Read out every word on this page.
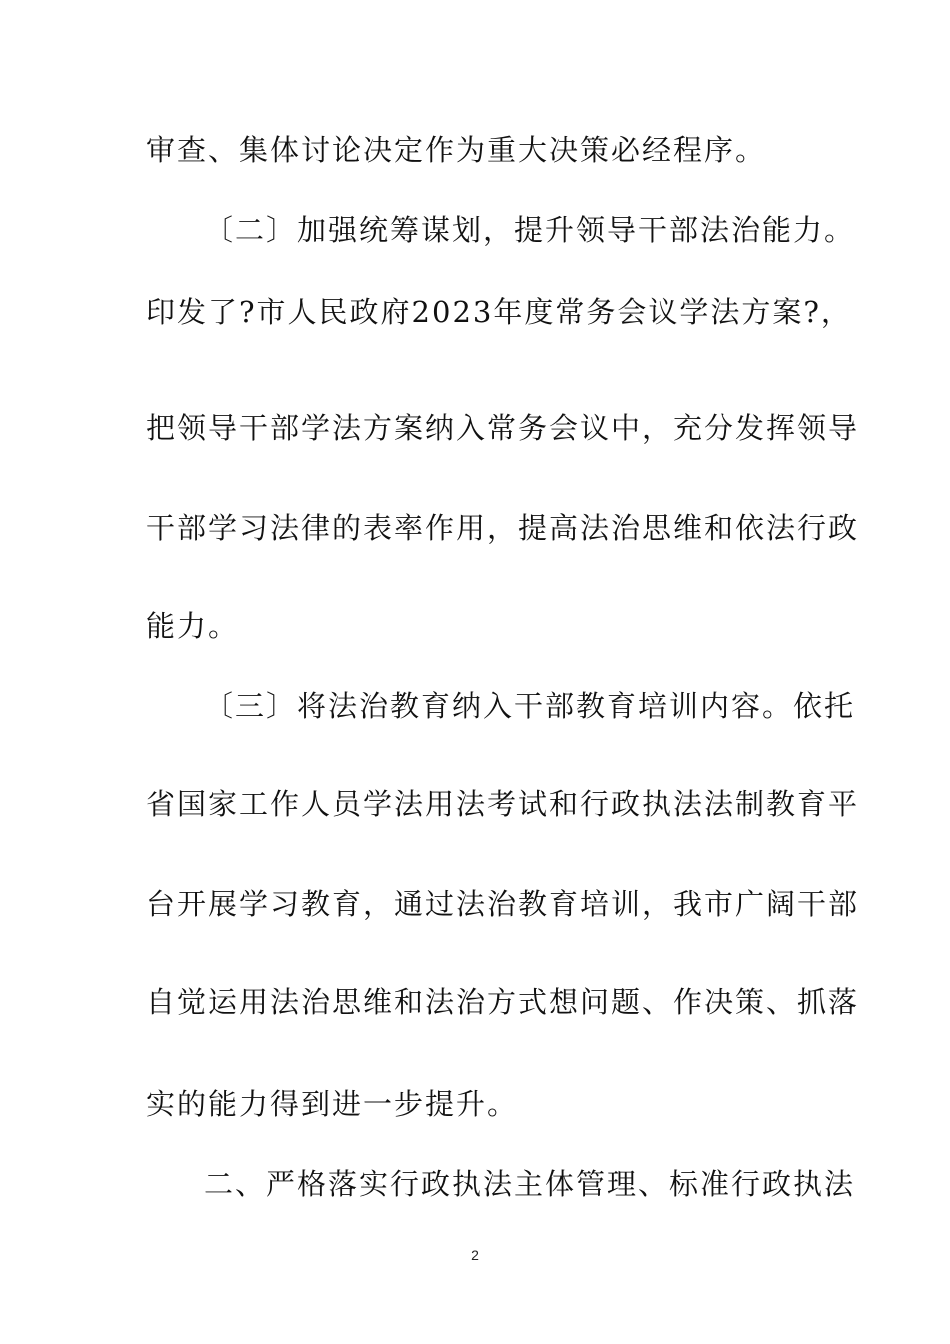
审查、集体讨论决定作为重大决策必经程序。
〔二〕加强统筹谋划，提升领导干部法治能力。
印发了?市人民政府2023年度常务会议学法方案?，
把领导干部学法方案纳入常务会议中，充分发挥领导
干部学习法律的表率作用，提高法治思维和依法行政
能力。
〔三〕将法治教育纳入干部教育培训内容。依托
省国家工作人员学法用法考试和行政执法法制教育平
台开展学习教育，通过法治教育培训，我市广阔干部
自觉运用法治思维和法治方式想问题、作决策、抓落
实的能力得到进一步提升。
二、严格落实行政执法主体管理、标准行政执法
2
